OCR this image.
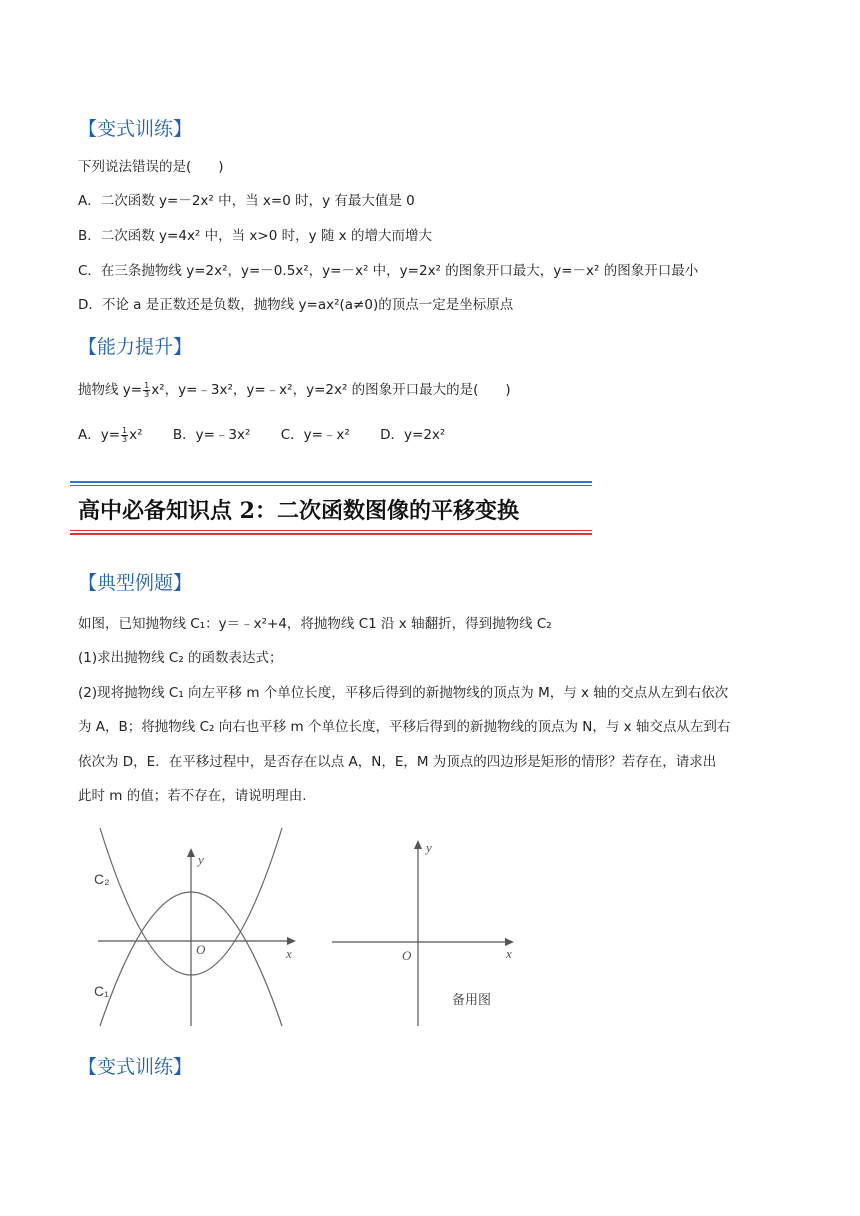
【变式训练】
下列说法错误的是(　　)
A．二次函数 y=－2x² 中，当 x=0 时，y 有最大值是 0
B．二次函数 y=4x² 中，当 x>0 时，y 随 x 的增大而增大
C．在三条抛物线 y=2x²，y=－0.5x²，y=－x² 中，y=2x² 的图象开口最大，y=－x² 的图象开口最小
D．不论 a 是正数还是负数，抛物线 y=ax²(a≠0)的顶点一定是坐标原点
【能力提升】
抛物线 $y= \frac{1}{3} x^2$，y=﹣3x²，y=﹣x²，y=2x² 的图象开口最大的是(　　)
A．$y= \frac{1}{3} x^2$ B．y=﹣3x² C．y=﹣x² D．y=2x²
高中必备知识点 2：二次函数图像的平移变换
【典型例题】
如图，已知抛物线 C₁：y＝﹣x²+4，将抛物线 C1 沿 x 轴翻折，得到抛物线 C₂
(1)求出抛物线 C₂ 的函数表达式；
(2)现将抛物线 C₁ 向左平移 m 个单位长度，平移后得到的新抛物线的顶点为 M，与 x 轴的交点从左到右依次
为 A，B；将抛物线 C₂ 向右也平移 m 个单位长度，平移后得到的新抛物线的顶点为 N，与 x 轴交点从左到右
依次为 D，E．在平移过程中，是否存在以点 A，N，E，M 为顶点的四边形是矩形的情形？若存在，请求出
此时 m 的值；若不存在，请说明理由.
C₂
C₁
y
x
O
y
x
O
备用图
【变式训练】
